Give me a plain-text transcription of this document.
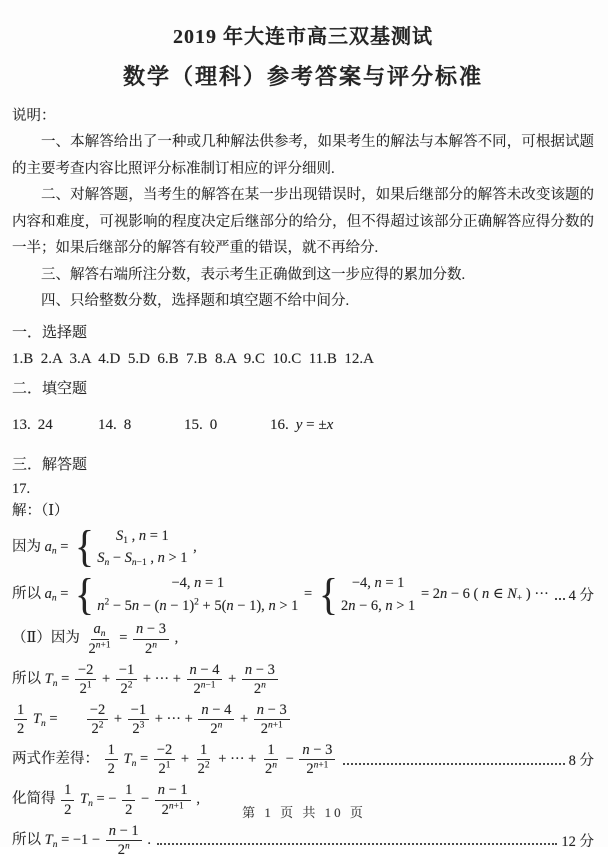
2019 年大连市高三双基测试
数学（理科）参考答案与评分标准
说明：

一、本解答给出了一种或几种解法供参考，如果考生的解法与本解答不同，可根据试题的主要考查内容比照评分标准制订相应的评分细则.

二、对解答题，当考生的解答在某一步出现错误时，如果后继部分的解答未改变该题的内容和难度，可视影响的程度决定后继部分的给分，但不得超过该部分正确解答应得分数的一半；如果后继部分的解答有较严重的错误，就不再给分.

三、解答右端所注分数，表示考生正确做到这一步应得的累加分数.

四、只给整数分数，选择题和填空题不给中间分.

一．选择题
1.B  2.A  3.A  4.D  5.D  6.B  7.B  8.A  9.C  10.C  11.B  12.A
二．填空题
13. 24	14. 8	15. 0	16. y = ±x
三．解答题
17.
解：（Ⅰ）
因为 $a_n$ = { $S_1$ , n = 1
$S_n - S_{n-1}$ , n > 1
,
所以 $a_n$ = {	−4, n = 1
$n^2 - 5n - (n - 1)^2 + 5(n - 1)$, n > 1
= { −4, n = 1
2n − 6, n > 1
= 2n − 6 ( n ∈ $N_+$ ) ··· 4 分
（Ⅱ）因为 $\frac{a_n}{2^{n+1}} = \frac{n - 3}{2^n}$ ,
所以 $T_n = \frac{-2}{2^1} + \frac{-1}{2^2}$ + ··· + $\frac{n - 4}{2^{n-1}} + \frac{n - 3}{2^n}$
$\frac{1}{2} T_n = \frac{-2}{2^2} + \frac{-1}{2^3}$ + ··· + $\frac{n - 4}{2^n} + \frac{n - 3}{2^{n+1}}$
两式作差得： $\frac{1}{2} T_n = \frac{-2}{2^1} + \frac{1}{2^2}$ + ··· + $\frac{1}{2^n} - \frac{n - 3}{2^{n+1}}$	8 分
化简得 $\frac{1}{2} T_n$ = − $\frac{1}{2} - \frac{n - 1}{2^{n+1}}$ ,
所以 $T_n = -1 - \frac{n - 1}{2^n}$ .	12 分
第 1 页 共 10 页
